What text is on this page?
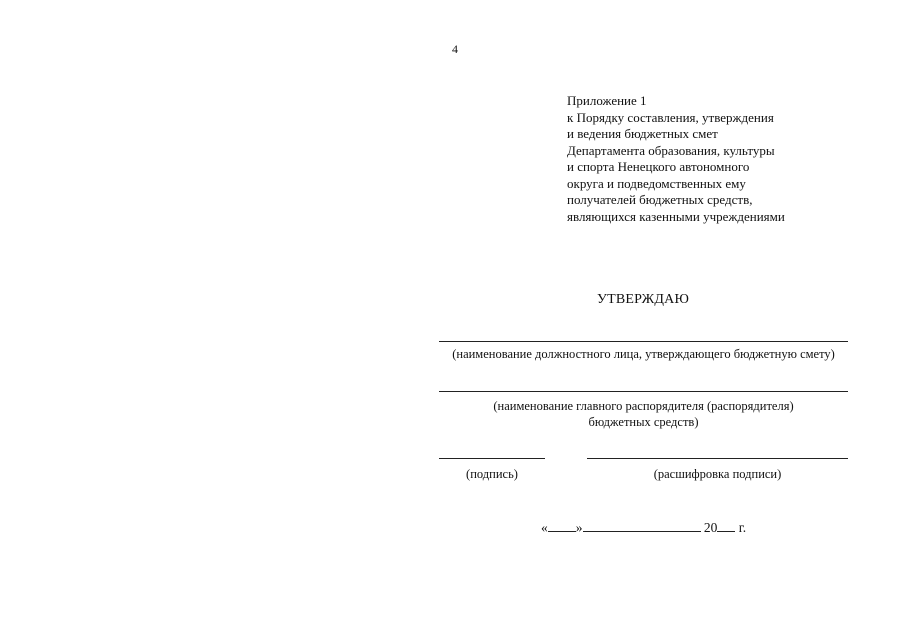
4
Приложение 1
к Порядку составления, утверждения
и ведения бюджетных смет
Департамента образования, культуры
и спорта Ненецкого автономного
округа и подведомственных ему
получателей бюджетных средств,
являющихся казенными учреждениями
УТВЕРЖДАЮ
(наименование должностного лица, утверждающего бюджетную смету)
(наименование главного распорядителя (распорядителя)
бюджетных средств)
(подпись)	(расшифровка подписи)
« »	20 г.
